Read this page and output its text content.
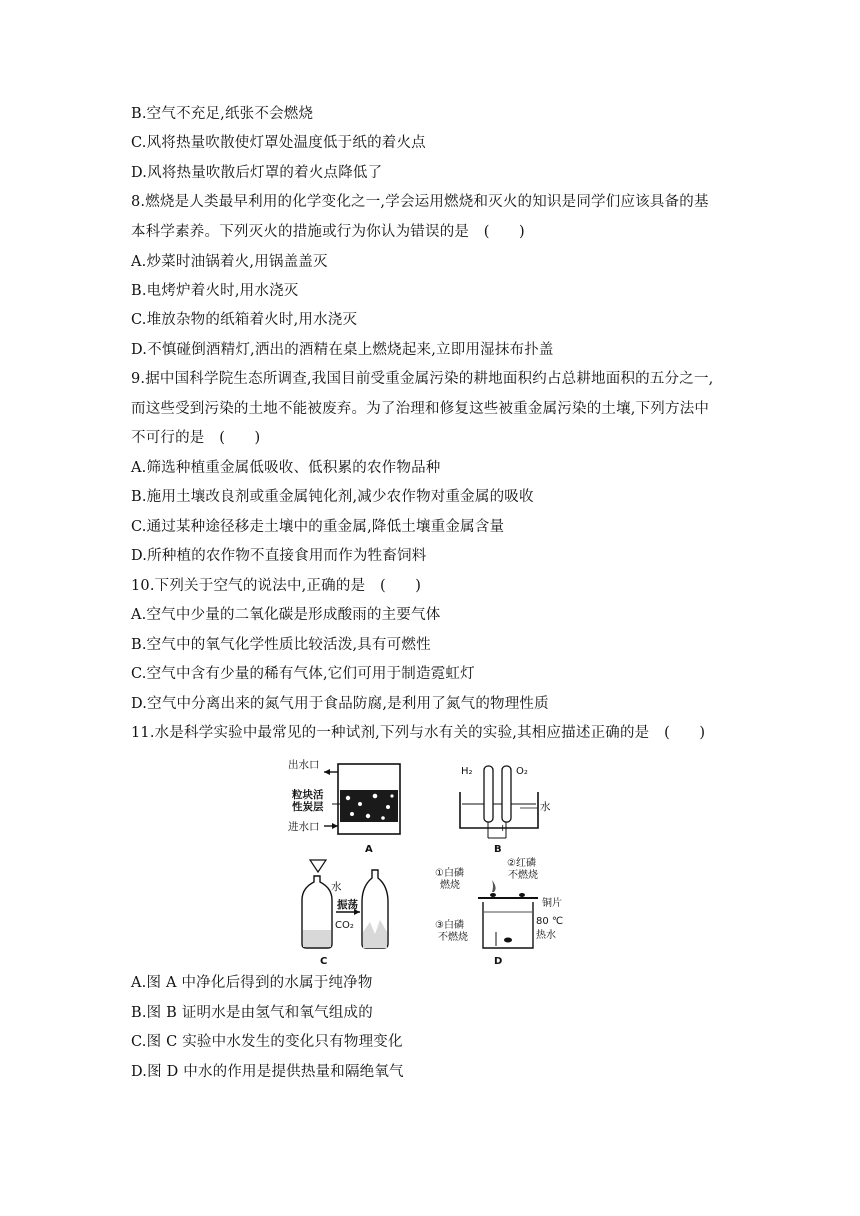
B.空气不充足,纸张不会燃烧
C.风将热量吹散使灯罩处温度低于纸的着火点
D.风将热量吹散后灯罩的着火点降低了
8.燃烧是人类最早利用的化学变化之一,学会运用燃烧和灭火的知识是同学们应该具备的基
本科学素养。下列灭火的措施或行为你认为错误的是　(　　)
A.炒菜时油锅着火,用锅盖盖灭
B.电烤炉着火时,用水浇灭
C.堆放杂物的纸箱着火时,用水浇灭
D.不慎碰倒酒精灯,洒出的酒精在桌上燃烧起来,立即用湿抹布扑盖
9.据中国科学院生态所调查,我国目前受重金属污染的耕地面积约占总耕地面积的五分之一,
而这些受到污染的土地不能被废弃。为了治理和修复这些被重金属污染的土壤,下列方法中
不可行的是　(　　)
A.筛选种植重金属低吸收、低积累的农作物品种
B.施用土壤改良剂或重金属钝化剂,减少农作物对重金属的吸收
C.通过某种途径移走土壤中的重金属,降低土壤重金属含量
D.所种植的农作物不直接食用而作为牲畜饲料
10.下列关于空气的说法中,正确的是　(　　)
A.空气中少量的二氧化碳是形成酸雨的主要气体
B.空气中的氧气化学性质比较活泼,具有可燃性
C.空气中含有少量的稀有气体,它们可用于制造霓虹灯
D.空气中分离出来的氮气用于食品防腐,是利用了氮气的物理性质
11.水是科学实验中最常见的一种试剂,下列与水有关的实验,其相应描述正确的是　(　　)
A.图 A 中净化后得到的水属于纯净物
B.图 B 证明水是由氢气和氧气组成的
C.图 C 实验中水发生的变化只有物理变化
D.图 D 中水的作用是提供热量和隔绝氧气
出水口
粒块活
性炭层
进水口
A
H₂	O₂
水
− +
B
水
振荡
CO₂
C
①白磷
燃烧
②红磷
不燃烧
铜片
80 ℃
热水
③白磷
不燃烧
D
